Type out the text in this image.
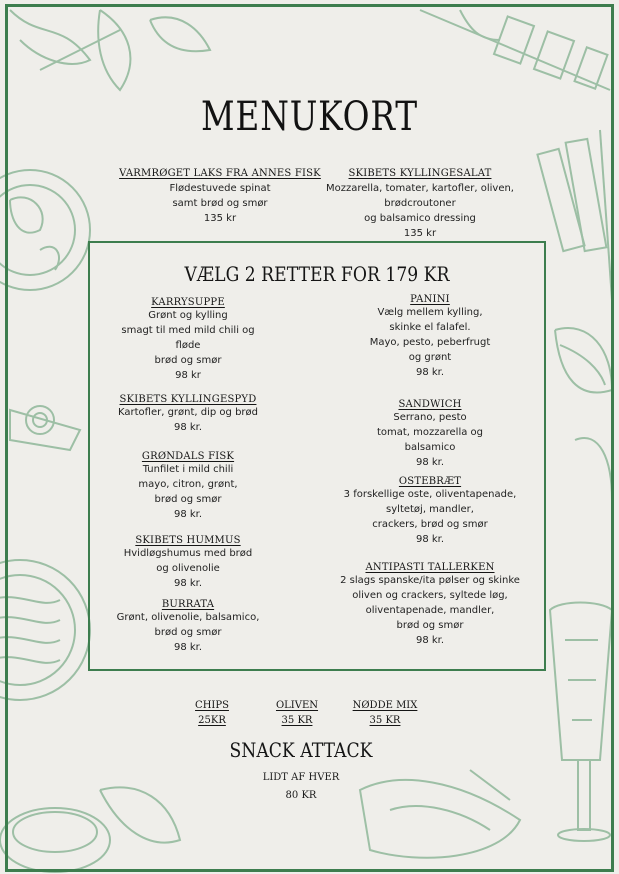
MENUKORT
VARMRØGET LAKS FRA ANNES FISK
Flødestuvede spinat
samt brød og smør
135 kr
SKIBETS KYLLINGESALAT
Mozzarella, tomater, kartofler, oliven,
brødcroutoner
og balsamico dressing
135 kr
VÆLG 2 RETTER FOR 179 KR
KARRYSUPPE
Grønt og kylling
smagt til med mild chili og
fløde
brød og smør
98 kr
SKIBETS KYLLINGESPYD
Kartofler, grønt, dip og brød
98 kr.
GRØNDALS FISK
Tunfilet i mild chili
mayo, citron, grønt,
brød og smør
98 kr.
SKIBETS HUMMUS
Hvidløgshumus med brød
og olivenolie
98 kr.
BURRATA
Grønt, olivenolie, balsamico,
brød og smør
98 kr.
PANINI
Vælg mellem kylling,
skinke el falafel.
Mayo, pesto, peberfrugt
og grønt
98 kr.
SANDWICH
Serrano, pesto
tomat, mozzarella og
balsamico
98 kr.
OSTEBRÆT
3 forskellige oste, oliventapenade,
syltetøj, mandler,
crackers, brød og smør
98 kr.
ANTIPASTI TALLERKEN
2 slags spanske/ita pølser og skinke
oliven og crackers, syltede løg,
oliventapenade, mandler,
brød og smør
98 kr.
CHIPS
25KR
OLIVEN
35 KR
NØDDE MIX
35 KR
SNACK ATTACK
LIDT AF HVER
80 KR
